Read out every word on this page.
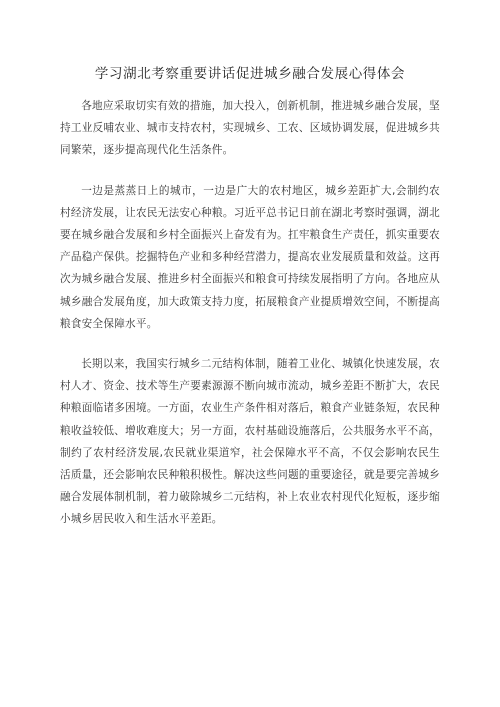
学习湖北考察重要讲话促进城乡融合发展心得体会

各地应采取切实有效的措施，加大投入，创新机制，推进城乡融合发展，坚持工业反哺农业、城市支持农村，实现城乡、工农、区域协调发展，促进城乡共同繁荣，逐步提高现代化生活条件。

一边是蒸蒸日上的城市，一边是广大的农村地区，城乡差距扩大,会制约农村经济发展，让农民无法安心种粮。习近平总书记日前在湖北考察时强调，湖北要在城乡融合发展和乡村全面振兴上奋发有为。扛牢粮食生产责任，抓实重要农产品稳产保供。挖掘特色产业和多种经营潜力，提高农业发展质量和效益。这再次为城乡融合发展、推进乡村全面振兴和粮食可持续发展指明了方向。各地应从城乡融合发展角度，加大政策支持力度，拓展粮食产业提质增效空间，不断提高粮食安全保障水平。

长期以来，我国实行城乡二元结构体制，随着工业化、城镇化快速发展，农村人才、资金、技术等生产要素源源不断向城市流动，城乡差距不断扩大，农民种粮面临诸多困境。一方面，农业生产条件相对落后，粮食产业链条短，农民种粮收益较低、增收难度大；另一方面，农村基础设施落后，公共服务水平不高，制约了农村经济发展,农民就业渠道窄，社会保障水平不高，不仅会影响农民生活质量，还会影响农民种粮积极性。解决这些问题的重要途径，就是要完善城乡融合发展体制机制，着力破除城乡二元结构，补上农业农村现代化短板，逐步缩小城乡居民收入和生活水平差距。
